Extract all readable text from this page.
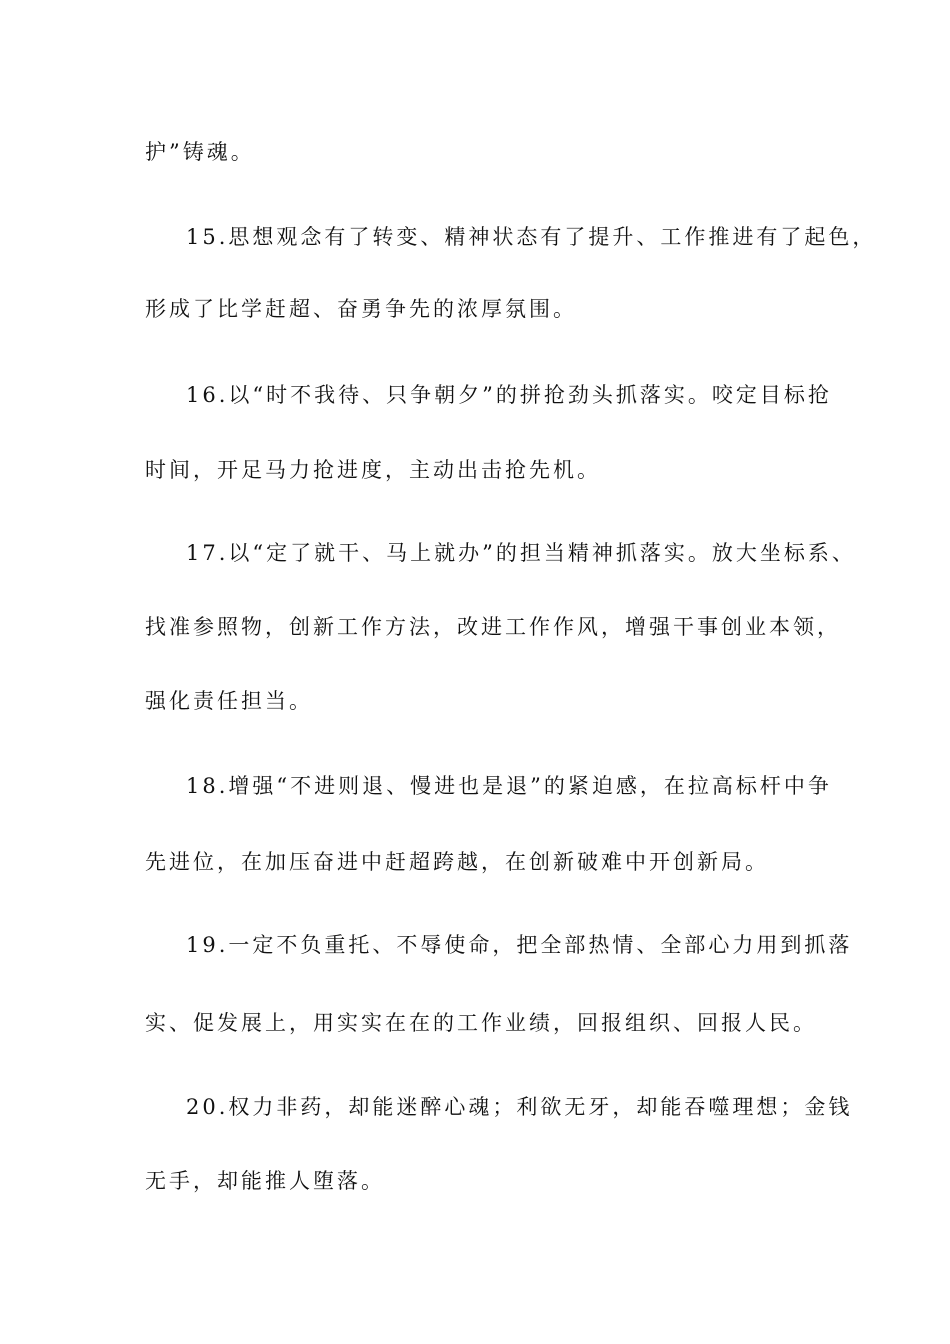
护”铸魂。
15.思想观念有了转变、精神状态有了提升、工作推进有了起色，
形成了比学赶超、奋勇争先的浓厚氛围。
16.以“时不我待、只争朝夕”的拼抢劲头抓落实。咬定目标抢
时间，开足马力抢进度，主动出击抢先机。
17.以“定了就干、马上就办”的担当精神抓落实。放大坐标系、
找准参照物，创新工作方法，改进工作作风，增强干事创业本领，
强化责任担当。
18.增强“不进则退、慢进也是退”的紧迫感，在拉高标杆中争
先进位，在加压奋进中赶超跨越，在创新破难中开创新局。
19.一定不负重托、不辱使命，把全部热情、全部心力用到抓落
实、促发展上，用实实在在的工作业绩，回报组织、回报人民。
20.权力非药，却能迷醉心魂；利欲无牙，却能吞噬理想；金钱
无手，却能推人堕落。
